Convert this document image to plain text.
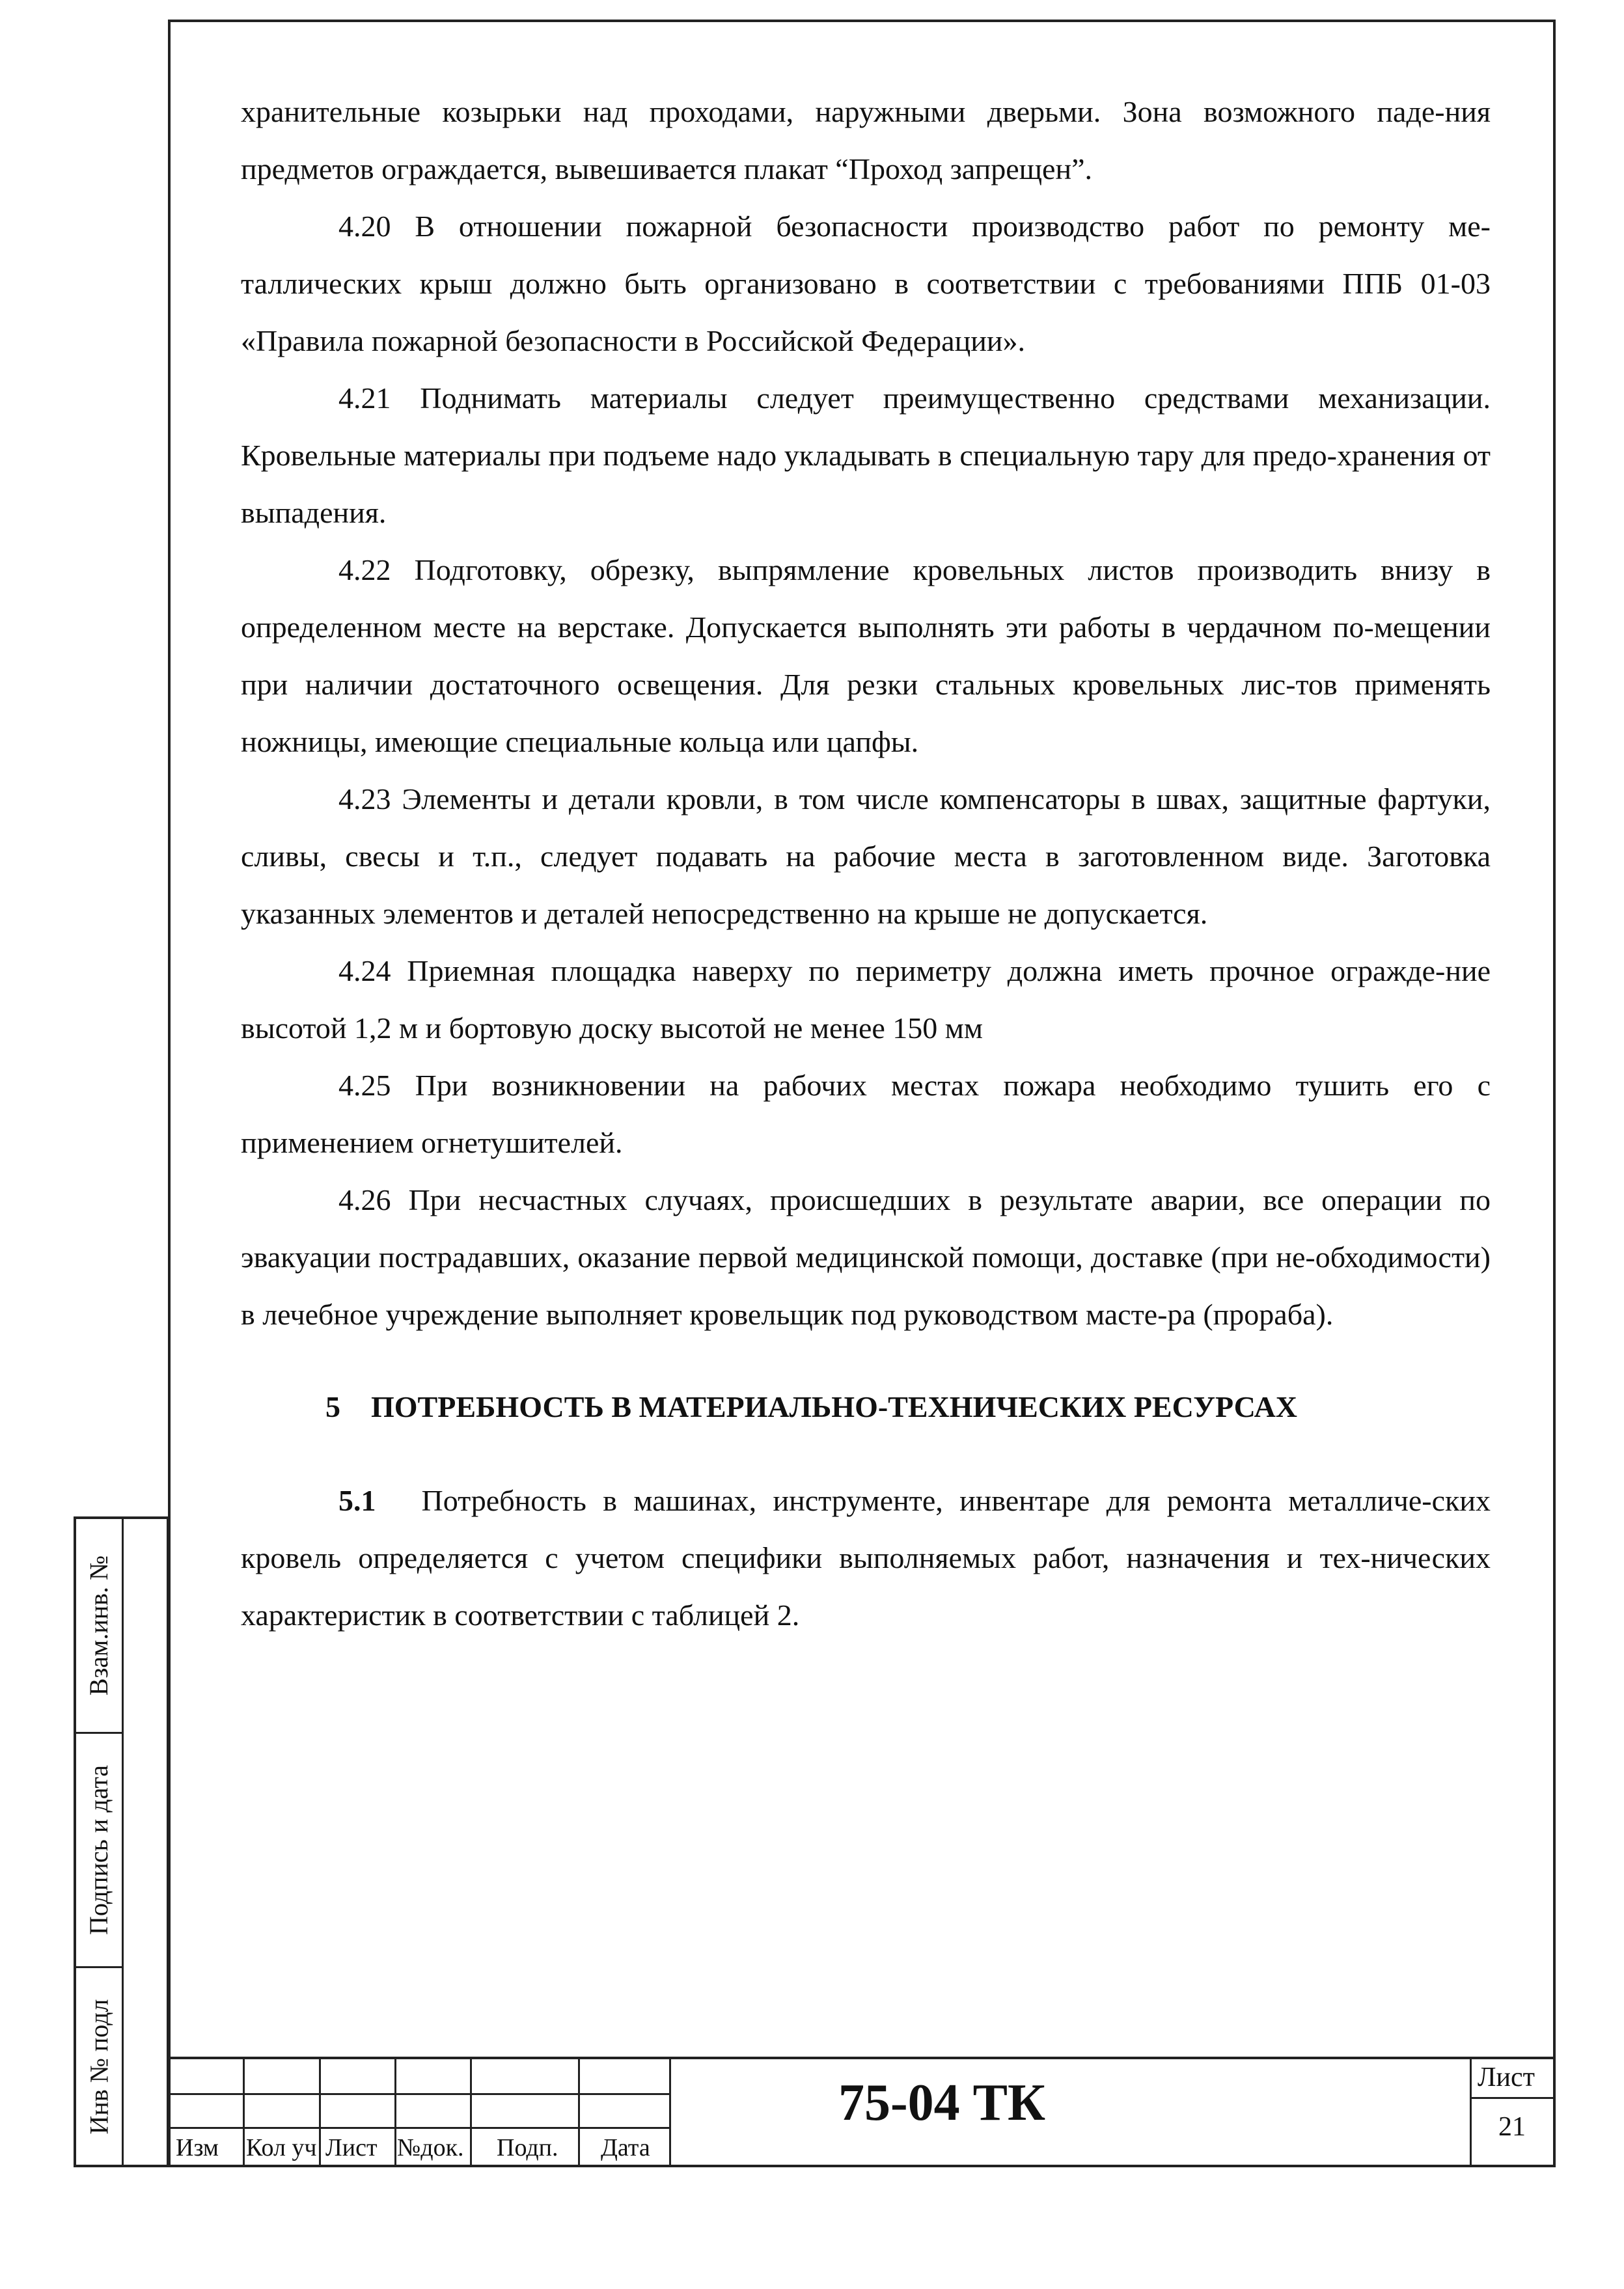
хранительные козырьки над проходами, наружными дверьми. Зона возможного паде-ния предметов ограждается, вывешивается плакат “Проход запрещен”.

4.20 В отношении пожарной безопасности производство работ по ремонту ме-таллических крыш должно быть организовано в соответствии с требованиями ППБ 01-03 «Правила пожарной безопасности в Российской Федерации».

4.21 Поднимать материалы следует преимущественно средствами механизации. Кровельные материалы при подъеме надо укладывать в специальную тару для предо-хранения от выпадения.

4.22 Подготовку, обрезку, выпрямление кровельных листов производить внизу в определенном месте на верстаке. Допускается выполнять эти работы в чердачном по-мещении при наличии достаточного освещения. Для резки стальных кровельных лис-тов применять ножницы, имеющие специальные кольца или цапфы.

4.23 Элементы и детали кровли, в том числе компенсаторы в швах, защитные фартуки, сливы, свесы и т.п., следует подавать на рабочие места в заготовленном виде. Заготовка указанных элементов и деталей непосредственно на крыше не допускается.

4.24 Приемная площадка наверху по периметру должна иметь прочное огражде-ние высотой 1,2 м и бортовую доску высотой не менее 150 мм

4.25 При возникновении на рабочих местах пожара необходимо тушить его с применением огнетушителей.

4.26 При несчастных случаях, происшедших в результате аварии, все операции по эвакуации пострадавших, оказание первой медицинской помощи, доставке (при не-обходимости) в лечебное учреждение выполняет кровельщик под руководством масте-ра (прораба).

5 ПОТРЕБНОСТЬ В МАТЕРИАЛЬНО-ТЕХНИЧЕСКИХ РЕСУРСАХ

5.1 Потребность в машинах, инструменте, инвентаре для ремонта металличе-ских кровель определяется с учетом специфики выполняемых работ, назначения и тех-нических характеристик в соответствии с таблицей 2.

Взам.инв. №
Подпись и дата
Инв № подл
Изм Кол уч Лист №док. Подп. Дата
75-04 ТК	Лист
21
